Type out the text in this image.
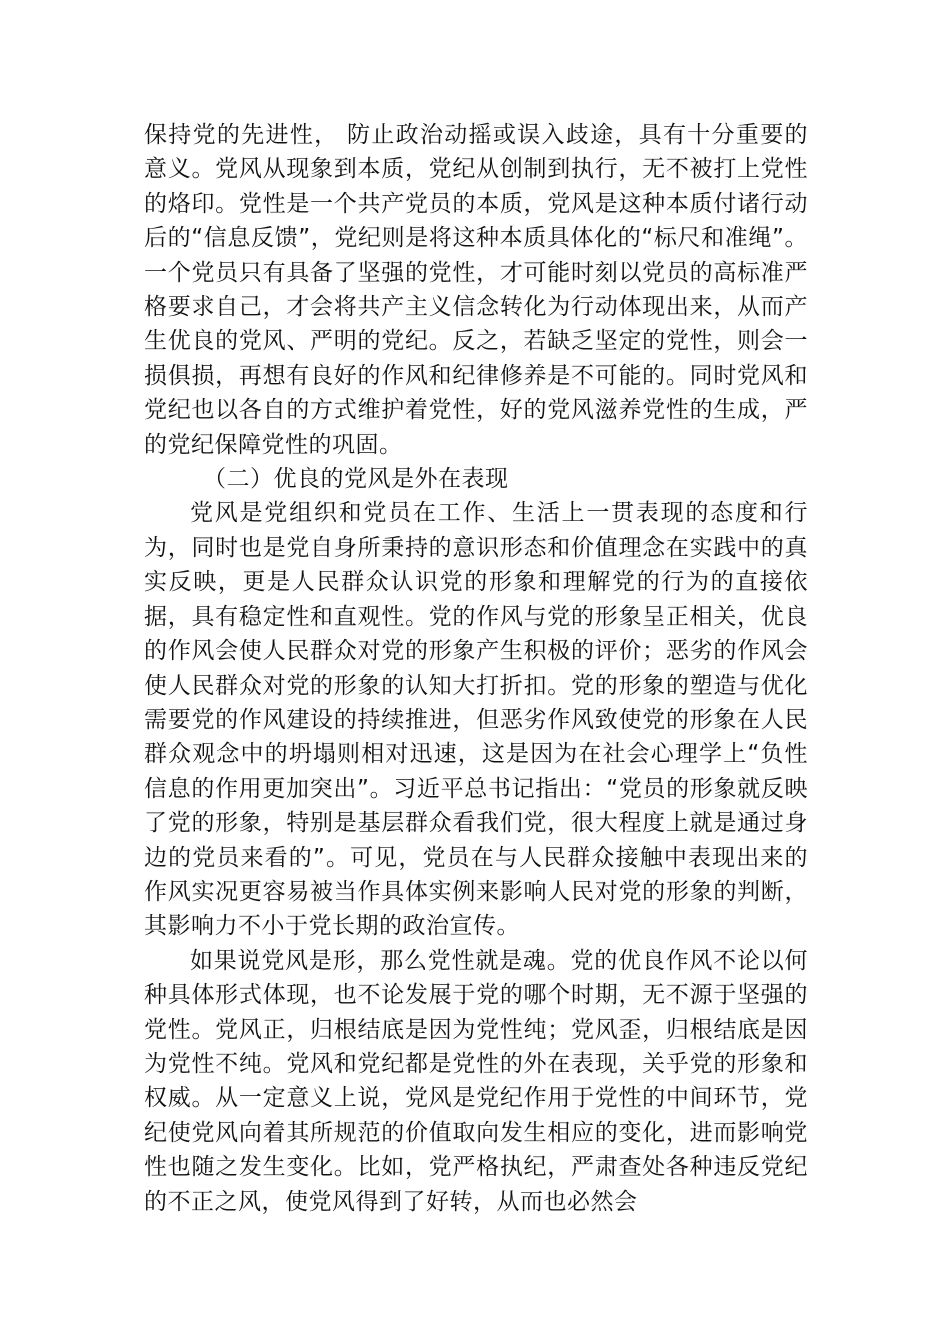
保持党的先进性， 防止政治动摇或误入歧途，具有十分重要的意义。党风从现象到本质，党纪从创制到执行，无不被打上党性的烙印。党性是一个共产党员的本质，党风是这种本质付诸行动后的“信息反馈”，党纪则是将这种本质具体化的“标尺和准绳”。一个党员只有具备了坚强的党性，才可能时刻以党员的高标准严格要求自己，才会将共产主义信念转化为行动体现出来，从而产生优良的党风、严明的党纪。反之，若缺乏坚定的党性，则会一损俱损，再想有良好的作风和纪律修养是不可能的。同时党风和党纪也以各自的方式维护着党性，好的党风滋养党性的生成，严的党纪保障党性的巩固。

（二）优良的党风是外在表现

党风是党组织和党员在工作、生活上一贯表现的态度和行为，同时也是党自身所秉持的意识形态和价值理念在实践中的真实反映，更是人民群众认识党的形象和理解党的行为的直接依据，具有稳定性和直观性。党的作风与党的形象呈正相关，优良的作风会使人民群众对党的形象产生积极的评价；恶劣的作风会使人民群众对党的形象的认知大打折扣。党的形象的塑造与优化需要党的作风建设的持续推进，但恶劣作风致使党的形象在人民群众观念中的坍塌则相对迅速，这是因为在社会心理学上“负性信息的作用更加突出”。习近平总书记指出：“党员的形象就反映了党的形象，特别是基层群众看我们党，很大程度上就是通过身边的党员来看的”。可见，党员在与人民群众接触中表现出来的作风实况更容易被当作具体实例来影响人民对党的形象的判断，其影响力不小于党长期的政治宣传。

如果说党风是形，那么党性就是魂。党的优良作风不论以何种具体形式体现，也不论发展于党的哪个时期，无不源于坚强的党性。党风正，归根结底是因为党性纯；党风歪，归根结底是因为党性不纯。党风和党纪都是党性的外在表现，关乎党的形象和权威。从一定意义上说，党风是党纪作用于党性的中间环节，党纪使党风向着其所规范的价值取向发生相应的变化，进而影响党性也随之发生变化。比如，党严格执纪，严肃查处各种违反党纪的不正之风，使党风得到了好转，从而也必然会
